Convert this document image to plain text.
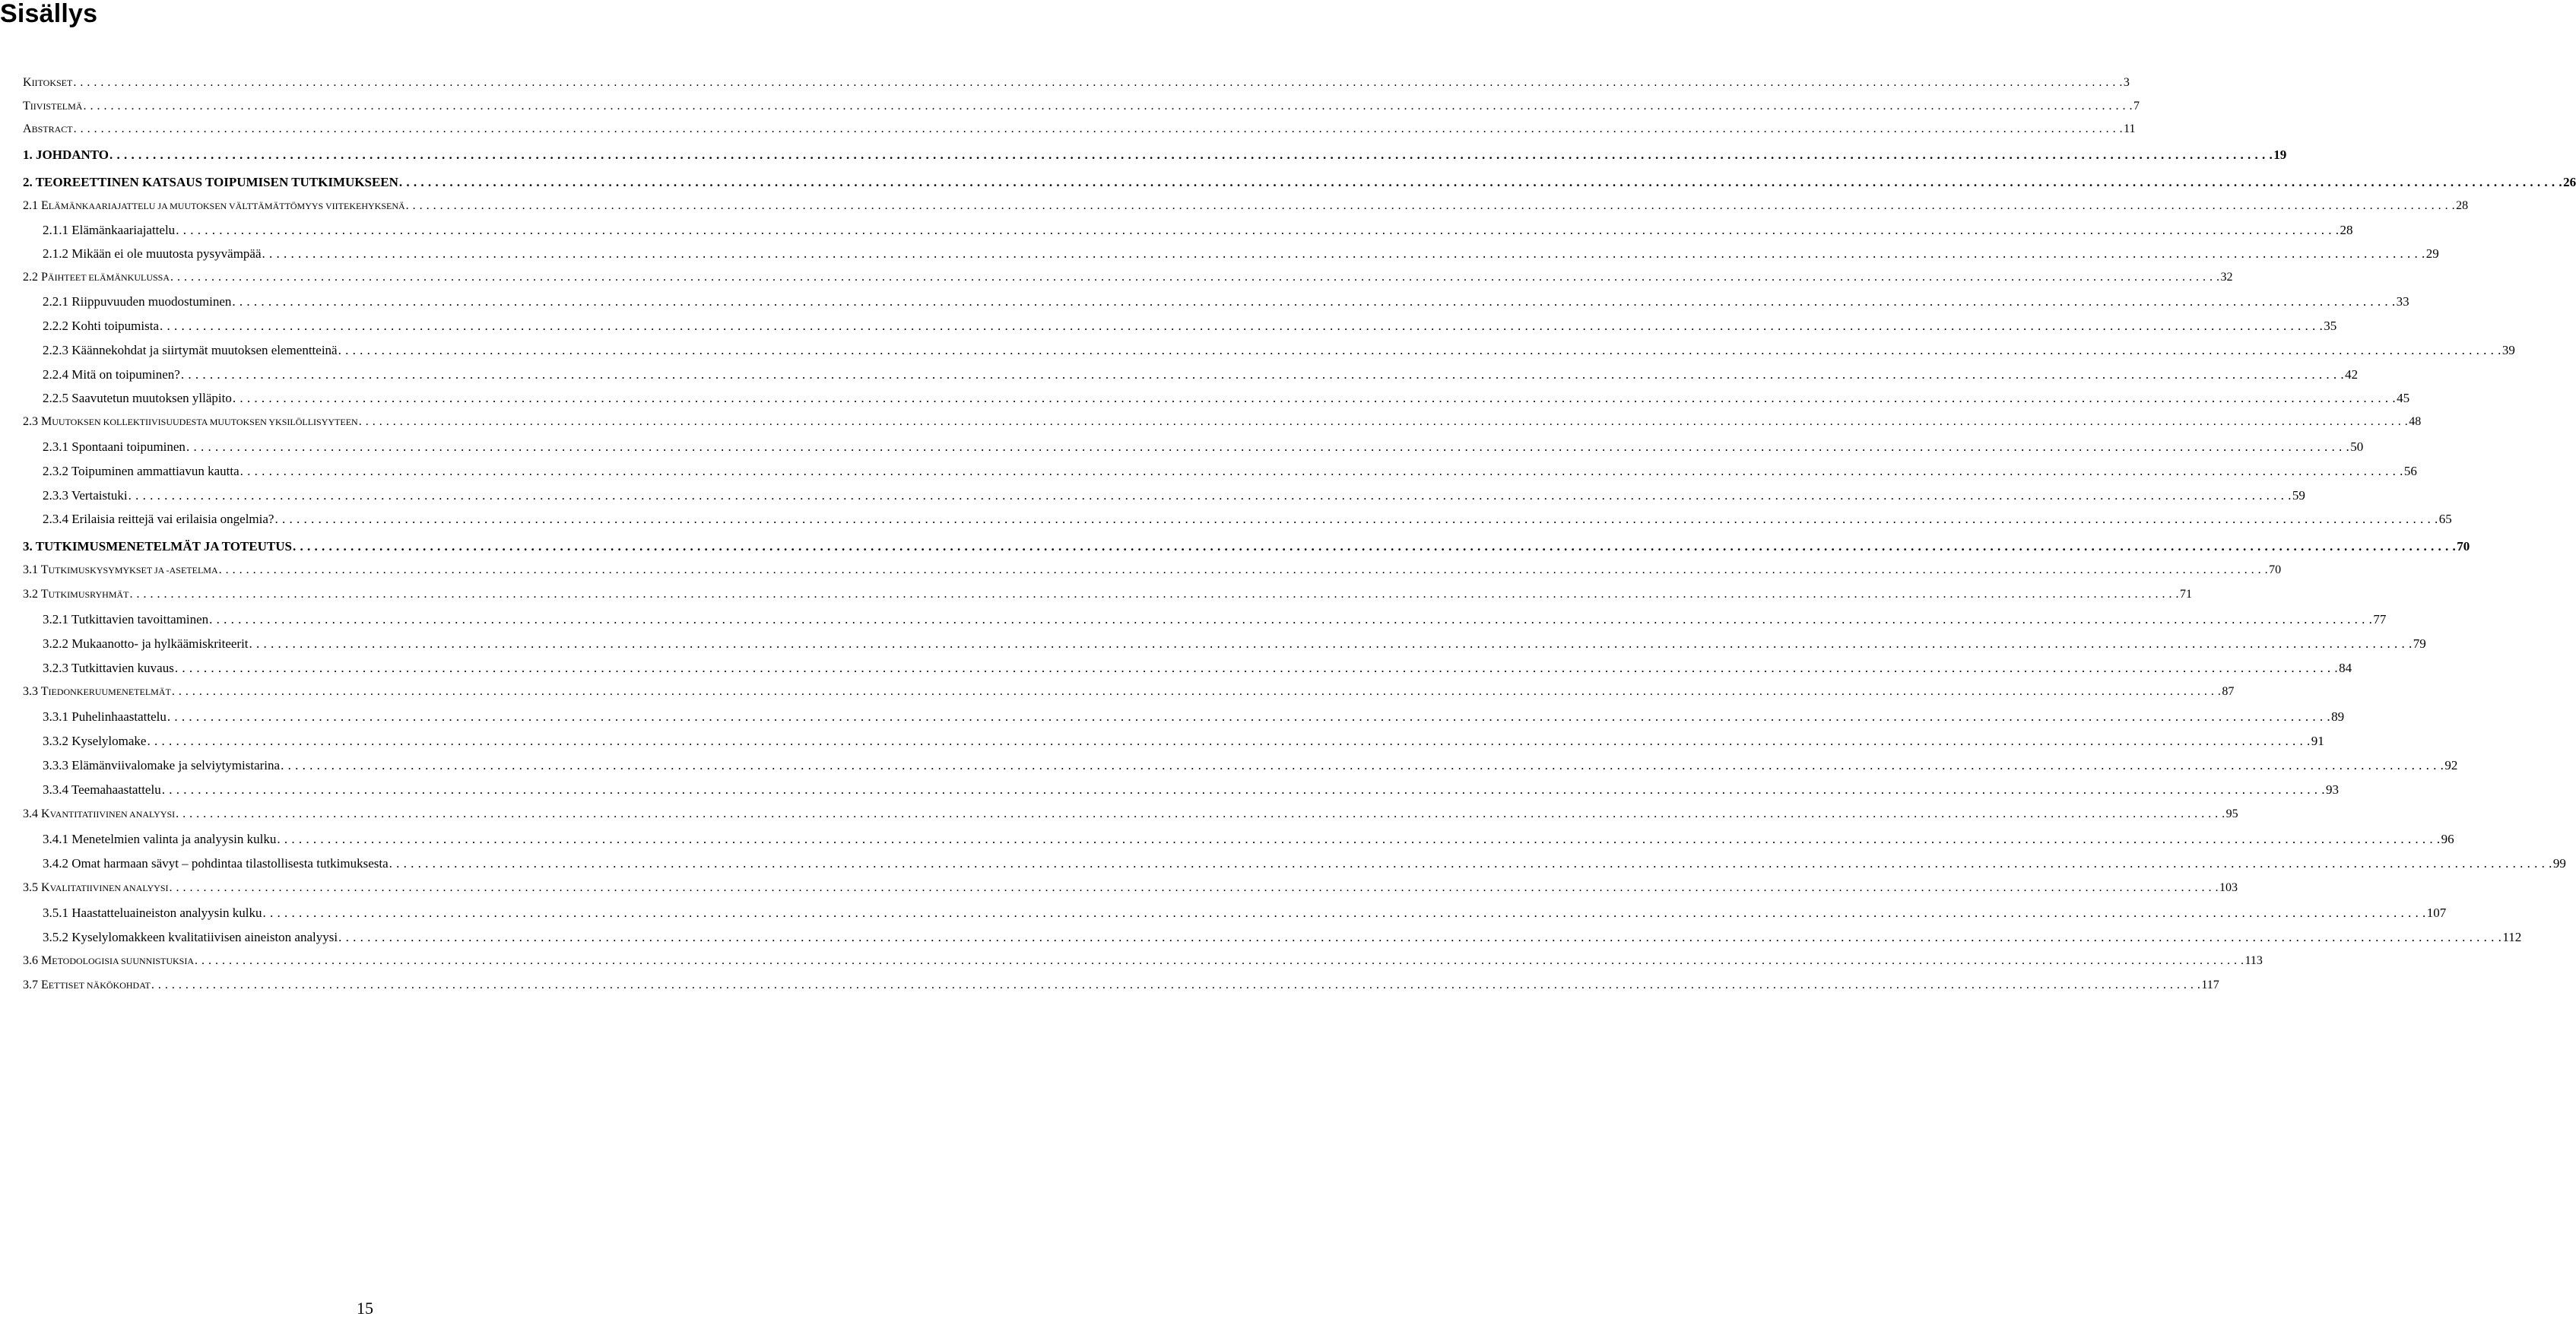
Sisällys
KIITOKSET . . . . . . . . . . . . . . . . . . . . . . . . . . . . . . . . . . . . . . . . . . . . . . . . . . . . . . . . . . . . . . . . . . . . . . . . . . . . . . . . . . . . . . . . . . . . . . . . . . . . . . . . . . . . . . . . . . . . . . . . . . . . . . . . . . . . . . . . . . . . . . . . . . . . . . . . . . . . . . . . . . . . . . . . . . . . . . . . . . . . . . . . . . . . . . . . . . . . . . . . . . . . . . . . . . . . . . . . . . . . . . . . . . . . . . . . . . . . . . . . . . . . . . . . . . . . . . . . . . . . . . . . . . . . . . . . . . . . . . . . . . . . . . . . . . . . . . . . . . . . 3
TIIVISTELMÄ . . . . . . . . . . . . . . . . . . . . . . . . . . . . . . . . . . . . . . . . . . . . . . . . . . . . . . . . . . . . . . . . . . . . . . . . . . . . . . . . . . . . . . . . . . . . . . . . . . . . . . . . . . . . . . . . . . . . . . . . . . . . . . . . . . . . . . . . . . . . . . . . . . . . . . . . . . . . . . . . . . . . . . . . . . . . . . . . . . . . . . . . . . . . . . . . . . . . . . . . . . . . . . . . . . . . . . . . . . . . . . . . . . . . . . . . . . . . . . . . . . . . . . . . . . . . . . . . . . . . . . . . . . . . . . . . . . . . . . . . . . . . . . . . . . . . . . . . . . . . 7
ABSTRACT . . . . . . . . . . . . . . . . . . . . . . . . . . . . . . . . . . . . . . . . . . . . . . . . . . . . . . . . . . . . . . . . . . . . . . . . . . . . . . . . . . . . . . . . . . . . . . . . . . . . . . . . . . . . . . . . . . . . . . . . . . . . . . . . . . . . . . . . . . . . . . . . . . . . . . . . . . . . . . . . . . . . . . . . . . . . . . . . . . . . . . . . . . . . . . . . . . . . . . . . . . . . . . . . . . . . . . . . . . . . . . . . . . . . . . . . . . . . . . . . . . . . . . . . . . . . . . . . . . . . . . . . . . . . . . . . . . . . . . . . . . . . . . . . . . . . . . . . . . . . 11
1. JOHDANTO . . . . . . . . . . . . . . . . . . . . . . . . . . . . . . . . . . . . . . . . . . . . . . . . . . . . . . . . . . . . . . . . . . . . . . . . . . . . . . . . . . . . . . . . . . . . . . . . . . . . . . . . . . . . . . . . . . . . . . . . . . . . . . . . . . . . . . . . . . . . . . . . . . . . . . . . . . . . . . . . . . . . . . . . . . . . . . . . . . . . . . . . . . . . . . . . . . . . . . . . . . . . . . . . . . . . . . . . . . . . . . . . . . . . . . . . . . . . . . . . . . . . . . . . . . . . . . . . . . . . . . . . . . . . . . . . . . . . . . . . . . . . . . . . . . . . . . . . . . . . 19
2. TEOREETTINEN KATSAUS TOIPUMISEN TUTKIMUKSEEN . . . . . . . . . . . . . . . . . . . . . . . . . . . . . . . . . . . . . . . . . . . . . . . . . . . . . . . . . . . . . . . . . . . . . . . . . . . . . . . . . . . . . . . . . . . . . . . . . . . . . . . . . . . . . . . . . . . . . . . . . . . . . . . . . . . . . . . . . . . . . . . . . . . . . . . . . . . . . . . . . . . . . . . . . . . . . . . . . . . . . . . . . . . . . . . . . . . . . . . . . . . . . . . . . . . . . . . . . . . . . . . . . . . . . . . . . . . . . . . . . . . . . . . . . . . . . . . . . . . . . . . . . . . . . . . . . . . . . . . . . . . . . . . . . . . . . . . . . . . . 26
2.1 ELÄMÄNKAARIAJATTELU JA MUUTOKSEN VÄLTTÄMÄTTÖMYYS VIITEKEHYKSENÄ . . . . . . . . . . . . . . . . . . . . . . . . . . . . . . . . . . . . . . . . . . . . . . . . . . . . . . . . . . . . . . . . . . . . . . . . . . . . . . . . . . . . . . . . . . . . . . . . . . . . . . . . . . . . . . . . . . . . . . . . . . . . . . . . . . . . . . . . . . . . . . . . . . . . . . . . . . . . . . . . . . . . . . . . . . . . . . . . . . . . . . . . . . . . . . . . . . . . . . . . . . . . . . . . . . . . . . . . . . . . . . . . . . . . . . . . . . . . . . . . . . . . . . . . . . . . . . . . . . . . . . . . . . . . . . . . . . . . . . . . . . . . . . . . . . . . . . . . . . . . 28
2.1.1 Elämänkaariajattelu . . . . . . . . . . . . . . . . . . . . . . . . . . . . . . . . . . . . . . . . . . . . . . . . . . . . . . . . . . . . . . . . . . . . . . . . . . . . . . . . . . . . . . . . . . . . . . . . . . . . . . . . . . . . . . . . . . . . . . . . . . . . . . . . . . . . . . . . . . . . . . . . . . . . . . . . . . . . . . . . . . . . . . . . . . . . . . . . . . . . . . . . . . . . . . . . . . . . . . . . . . . . . . . . . . . . . . . . . . . . . . . . . . . . . . . . . . . . . . . . . . . . . . . . . . . . . . . . . . . . . . . . . . . . . . . . . . . . . . . . . . . . . . . . . . . . . . . . . . . . 28
2.1.2 Mikään ei ole muutosta pysyvämpää . . . . . . . . . . . . . . . . . . . . . . . . . . . . . . . . . . . . . . . . . . . . . . . . . . . . . . . . . . . . . . . . . . . . . . . . . . . . . . . . . . . . . . . . . . . . . . . . . . . . . . . . . . . . . . . . . . . . . . . . . . . . . . . . . . . . . . . . . . . . . . . . . . . . . . . . . . . . . . . . . . . . . . . . . . . . . . . . . . . . . . . . . . . . . . . . . . . . . . . . . . . . . . . . . . . . . . . . . . . . . . . . . . . . . . . . . . . . . . . . . . . . . . . . . . . . . . . . . . . . . . . . . . . . . . . . . . . . . . . . . . . . . . . . . . . . . . . . . . . . 29
2.2 PÄIHTEET ELÄMÄNKULUSSA . . . . . . . . . . . . . . . . . . . . . . . . . . . . . . . . . . . . . . . . . . . . . . . . . . . . . . . . . . . . . . . . . . . . . . . . . . . . . . . . . . . . . . . . . . . . . . . . . . . . . . . . . . . . . . . . . . . . . . . . . . . . . . . . . . . . . . . . . . . . . . . . . . . . . . . . . . . . . . . . . . . . . . . . . . . . . . . . . . . . . . . . . . . . . . . . . . . . . . . . . . . . . . . . . . . . . . . . . . . . . . . . . . . . . . . . . . . . . . . . . . . . . . . . . . . . . . . . . . . . . . . . . . . . . . . . . . . . . . . . . . . . . . . . . . . . . . . . . . . . 32
2.2.1 Riippuvuuden muodostuminen . . . . . . . . . . . . . . . . . . . . . . . . . . . . . . . . . . . . . . . . . . . . . . . . . . . . . . . . . . . . . . . . . . . . . . . . . . . . . . . . . . . . . . . . . . . . . . . . . . . . . . . . . . . . . . . . . . . . . . . . . . . . . . . . . . . . . . . . . . . . . . . . . . . . . . . . . . . . . . . . . . . . . . . . . . . . . . . . . . . . . . . . . . . . . . . . . . . . . . . . . . . . . . . . . . . . . . . . . . . . . . . . . . . . . . . . . . . . . . . . . . . . . . . . . . . . . . . . . . . . . . . . . . . . . . . . . . . . . . . . . . . . . . . . . . . . . . . . . . . . 33
2.2.2 Kohti toipumista . . . . . . . . . . . . . . . . . . . . . . . . . . . . . . . . . . . . . . . . . . . . . . . . . . . . . . . . . . . . . . . . . . . . . . . . . . . . . . . . . . . . . . . . . . . . . . . . . . . . . . . . . . . . . . . . . . . . . . . . . . . . . . . . . . . . . . . . . . . . . . . . . . . . . . . . . . . . . . . . . . . . . . . . . . . . . . . . . . . . . . . . . . . . . . . . . . . . . . . . . . . . . . . . . . . . . . . . . . . . . . . . . . . . . . . . . . . . . . . . . . . . . . . . . . . . . . . . . . . . . . . . . . . . . . . . . . . . . . . . . . . . . . . . . . . . . . . . . . . . 35
2.2.3 Käännekohdat ja siirtymät muutoksen elementteinä . . . . . . . . . . . . . . . . . . . . . . . . . . . . . . . . . . . . . . . . . . . . . . . . . . . . . . . . . . . . . . . . . . . . . . . . . . . . . . . . . . . . . . . . . . . . . . . . . . . . . . . . . . . . . . . . . . . . . . . . . . . . . . . . . . . . . . . . . . . . . . . . . . . . . . . . . . . . . . . . . . . . . . . . . . . . . . . . . . . . . . . . . . . . . . . . . . . . . . . . . . . . . . . . . . . . . . . . . . . . . . . . . . . . . . . . . . . . . . . . . . . . . . . . . . . . . . . . . . . . . . . . . . . . . . . . . . . . . . . . . . . . . . . . . . . . . . . . . . . . 39
2.2.4 Mitä on toipuminen? . . . . . . . . . . . . . . . . . . . . . . . . . . . . . . . . . . . . . . . . . . . . . . . . . . . . . . . . . . . . . . . . . . . . . . . . . . . . . . . . . . . . . . . . . . . . . . . . . . . . . . . . . . . . . . . . . . . . . . . . . . . . . . . . . . . . . . . . . . . . . . . . . . . . . . . . . . . . . . . . . . . . . . . . . . . . . . . . . . . . . . . . . . . . . . . . . . . . . . . . . . . . . . . . . . . . . . . . . . . . . . . . . . . . . . . . . . . . . . . . . . . . . . . . . . . . . . . . . . . . . . . . . . . . . . . . . . . . . . . . . . . . . . . . . . . . . . . . . . . . 42
2.2.5 Saavutetun muutoksen ylläpito . . . . . . . . . . . . . . . . . . . . . . . . . . . . . . . . . . . . . . . . . . . . . . . . . . . . . . . . . . . . . . . . . . . . . . . . . . . . . . . . . . . . . . . . . . . . . . . . . . . . . . . . . . . . . . . . . . . . . . . . . . . . . . . . . . . . . . . . . . . . . . . . . . . . . . . . . . . . . . . . . . . . . . . . . . . . . . . . . . . . . . . . . . . . . . . . . . . . . . . . . . . . . . . . . . . . . . . . . . . . . . . . . . . . . . . . . . . . . . . . . . . . . . . . . . . . . . . . . . . . . . . . . . . . . . . . . . . . . . . . . . . . . . . . . . . . . . . . . . . . 45
2.3 MUUTOKSEN KOLLEKTIIVISUUDESTA MUUTOKSEN YKSILÖLLISYYTEEN . . . . . . . . . . . . . . . . . . . . . . . . . . . . . . . . . . . . . . . . . . . . . . . . . . . . . . . . . . . . . . . . . . . . . . . . . . . . . . . . . . . . . . . . . . . . . . . . . . . . . . . . . . . . . . . . . . . . . . . . . . . . . . . . . . . . . . . . . . . . . . . . . . . . . . . . . . . . . . . . . . . . . . . . . . . . . . . . . . . . . . . . . . . . . . . . . . . . . . . . . . . . . . . . . . . . . . . . . . . . . . . . . . . . . . . . . . . . . . . . . . . . . . . . . . . . . . . . . . . . . . . . . . . . . . . . . . . . . . . . . . . . . . . . . . . . . . . . . . . . 48
2.3.1 Spontaani toipuminen . . . . . . . . . . . . . . . . . . . . . . . . . . . . . . . . . . . . . . . . . . . . . . . . . . . . . . . . . . . . . . . . . . . . . . . . . . . . . . . . . . . . . . . . . . . . . . . . . . . . . . . . . . . . . . . . . . . . . . . . . . . . . . . . . . . . . . . . . . . . . . . . . . . . . . . . . . . . . . . . . . . . . . . . . . . . . . . . . . . . . . . . . . . . . . . . . . . . . . . . . . . . . . . . . . . . . . . . . . . . . . . . . . . . . . . . . . . . . . . . . . . . . . . . . . . . . . . . . . . . . . . . . . . . . . . . . . . . . . . . . . . . . . . . . . . . . . . . . . . . 50
2.3.2 Toipuminen ammattiavun kautta . . . . . . . . . . . . . . . . . . . . . . . . . . . . . . . . . . . . . . . . . . . . . . . . . . . . . . . . . . . . . . . . . . . . . . . . . . . . . . . . . . . . . . . . . . . . . . . . . . . . . . . . . . . . . . . . . . . . . . . . . . . . . . . . . . . . . . . . . . . . . . . . . . . . . . . . . . . . . . . . . . . . . . . . . . . . . . . . . . . . . . . . . . . . . . . . . . . . . . . . . . . . . . . . . . . . . . . . . . . . . . . . . . . . . . . . . . . . . . . . . . . . . . . . . . . . . . . . . . . . . . . . . . . . . . . . . . . . . . . . . . . . . . . . . . . . . . . . . . . . 56
2.3.3 Vertaistuki . . . . . . . . . . . . . . . . . . . . . . . . . . . . . . . . . . . . . . . . . . . . . . . . . . . . . . . . . . . . . . . . . . . . . . . . . . . . . . . . . . . . . . . . . . . . . . . . . . . . . . . . . . . . . . . . . . . . . . . . . . . . . . . . . . . . . . . . . . . . . . . . . . . . . . . . . . . . . . . . . . . . . . . . . . . . . . . . . . . . . . . . . . . . . . . . . . . . . . . . . . . . . . . . . . . . . . . . . . . . . . . . . . . . . . . . . . . . . . . . . . . . . . . . . . . . . . . . . . . . . . . . . . . . . . . . . . . . . . . . . . . . . . . . . . . . . . . . . . . . 59
2.3.4 Erilaisia reittejä vai erilaisia ongelmia? . . . . . . . . . . . . . . . . . . . . . . . . . . . . . . . . . . . . . . . . . . . . . . . . . . . . . . . . . . . . . . . . . . . . . . . . . . . . . . . . . . . . . . . . . . . . . . . . . . . . . . . . . . . . . . . . . . . . . . . . . . . . . . . . . . . . . . . . . . . . . . . . . . . . . . . . . . . . . . . . . . . . . . . . . . . . . . . . . . . . . . . . . . . . . . . . . . . . . . . . . . . . . . . . . . . . . . . . . . . . . . . . . . . . . . . . . . . . . . . . . . . . . . . . . . . . . . . . . . . . . . . . . . . . . . . . . . . . . . . . . . . . . . . . . . . . . . . . . . . . 65
3. TUTKIMUSMENETELMÄT JA TOTEUTUS . . . . . . . . . . . . . . . . . . . . . . . . . . . . . . . . . . . . . . . . . . . . . . . . . . . . . . . . . . . . . . . . . . . . . . . . . . . . . . . . . . . . . . . . . . . . . . . . . . . . . . . . . . . . . . . . . . . . . . . . . . . . . . . . . . . . . . . . . . . . . . . . . . . . . . . . . . . . . . . . . . . . . . . . . . . . . . . . . . . . . . . . . . . . . . . . . . . . . . . . . . . . . . . . . . . . . . . . . . . . . . . . . . . . . . . . . . . . . . . . . . . . . . . . . . . . . . . . . . . . . . . . . . . . . . . . . . . . . . . . . . . . . . . . . . . . . . . . . . . . 70
3.1 TUTKIMUSKYSYMYKSET JA -ASETELMA . . . . . . . . . . . . . . . . . . . . . . . . . . . . . . . . . . . . . . . . . . . . . . . . . . . . . . . . . . . . . . . . . . . . . . . . . . . . . . . . . . . . . . . . . . . . . . . . . . . . . . . . . . . . . . . . . . . . . . . . . . . . . . . . . . . . . . . . . . . . . . . . . . . . . . . . . . . . . . . . . . . . . . . . . . . . . . . . . . . . . . . . . . . . . . . . . . . . . . . . . . . . . . . . . . . . . . . . . . . . . . . . . . . . . . . . . . . . . . . . . . . . . . . . . . . . . . . . . . . . . . . . . . . . . . . . . . . . . . . . . . . . . . . . . . . . . . . . . . . . 70
3.2 TUTKIMUSRYHMÄT . . . . . . . . . . . . . . . . . . . . . . . . . . . . . . . . . . . . . . . . . . . . . . . . . . . . . . . . . . . . . . . . . . . . . . . . . . . . . . . . . . . . . . . . . . . . . . . . . . . . . . . . . . . . . . . . . . . . . . . . . . . . . . . . . . . . . . . . . . . . . . . . . . . . . . . . . . . . . . . . . . . . . . . . . . . . . . . . . . . . . . . . . . . . . . . . . . . . . . . . . . . . . . . . . . . . . . . . . . . . . . . . . . . . . . . . . . . . . . . . . . . . . . . . . . . . . . . . . . . . . . . . . . . . . . . . . . . . . . . . . . . . . . . . . . . . . . . . . . . . 71
3.2.1 Tutkittavien tavoittaminen . . . . . . . . . . . . . . . . . . . . . . . . . . . . . . . . . . . . . . . . . . . . . . . . . . . . . . . . . . . . . . . . . . . . . . . . . . . . . . . . . . . . . . . . . . . . . . . . . . . . . . . . . . . . . . . . . . . . . . . . . . . . . . . . . . . . . . . . . . . . . . . . . . . . . . . . . . . . . . . . . . . . . . . . . . . . . . . . . . . . . . . . . . . . . . . . . . . . . . . . . . . . . . . . . . . . . . . . . . . . . . . . . . . . . . . . . . . . . . . . . . . . . . . . . . . . . . . . . . . . . . . . . . . . . . . . . . . . . . . . . . . . . . . . . . . . . . . . . . . . 77
3.2.2 Mukaanotto- ja hylkäämiskriteerit . . . . . . . . . . . . . . . . . . . . . . . . . . . . . . . . . . . . . . . . . . . . . . . . . . . . . . . . . . . . . . . . . . . . . . . . . . . . . . . . . . . . . . . . . . . . . . . . . . . . . . . . . . . . . . . . . . . . . . . . . . . . . . . . . . . . . . . . . . . . . . . . . . . . . . . . . . . . . . . . . . . . . . . . . . . . . . . . . . . . . . . . . . . . . . . . . . . . . . . . . . . . . . . . . . . . . . . . . . . . . . . . . . . . . . . . . . . . . . . . . . . . . . . . . . . . . . . . . . . . . . . . . . . . . . . . . . . . . . . . . . . . . . . . . . . . . . . . . . . . 79
3.2.3 Tutkittavien kuvaus . . . . . . . . . . . . . . . . . . . . . . . . . . . . . . . . . . . . . . . . . . . . . . . . . . . . . . . . . . . . . . . . . . . . . . . . . . . . . . . . . . . . . . . . . . . . . . . . . . . . . . . . . . . . . . . . . . . . . . . . . . . . . . . . . . . . . . . . . . . . . . . . . . . . . . . . . . . . . . . . . . . . . . . . . . . . . . . . . . . . . . . . . . . . . . . . . . . . . . . . . . . . . . . . . . . . . . . . . . . . . . . . . . . . . . . . . . . . . . . . . . . . . . . . . . . . . . . . . . . . . . . . . . . . . . . . . . . . . . . . . . . . . . . . . . . . . . . . . . . . 84
3.3 TIEDONKERUUMENETELMÄT . . . . . . . . . . . . . . . . . . . . . . . . . . . . . . . . . . . . . . . . . . . . . . . . . . . . . . . . . . . . . . . . . . . . . . . . . . . . . . . . . . . . . . . . . . . . . . . . . . . . . . . . . . . . . . . . . . . . . . . . . . . . . . . . . . . . . . . . . . . . . . . . . . . . . . . . . . . . . . . . . . . . . . . . . . . . . . . . . . . . . . . . . . . . . . . . . . . . . . . . . . . . . . . . . . . . . . . . . . . . . . . . . . . . . . . . . . . . . . . . . . . . . . . . . . . . . . . . . . . . . . . . . . . . . . . . . . . . . . . . . . . . . . . . . . . . . . . . . . . . 87
3.3.1 Puhelinhaastattelu . . . . . . . . . . . . . . . . . . . . . . . . . . . . . . . . . . . . . . . . . . . . . . . . . . . . . . . . . . . . . . . . . . . . . . . . . . . . . . . . . . . . . . . . . . . . . . . . . . . . . . . . . . . . . . . . . . . . . . . . . . . . . . . . . . . . . . . . . . . . . . . . . . . . . . . . . . . . . . . . . . . . . . . . . . . . . . . . . . . . . . . . . . . . . . . . . . . . . . . . . . . . . . . . . . . . . . . . . . . . . . . . . . . . . . . . . . . . . . . . . . . . . . . . . . . . . . . . . . . . . . . . . . . . . . . . . . . . . . . . . . . . . . . . . . . . . . . . . . . . 89
3.3.2 Kyselylomake . . . . . . . . . . . . . . . . . . . . . . . . . . . . . . . . . . . . . . . . . . . . . . . . . . . . . . . . . . . . . . . . . . . . . . . . . . . . . . . . . . . . . . . . . . . . . . . . . . . . . . . . . . . . . . . . . . . . . . . . . . . . . . . . . . . . . . . . . . . . . . . . . . . . . . . . . . . . . . . . . . . . . . . . . . . . . . . . . . . . . . . . . . . . . . . . . . . . . . . . . . . . . . . . . . . . . . . . . . . . . . . . . . . . . . . . . . . . . . . . . . . . . . . . . . . . . . . . . . . . . . . . . . . . . . . . . . . . . . . . . . . . . . . . . . . . . . . . . . . . 91
3.3.3 Elämänviivalomake ja selviytymistarina . . . . . . . . . . . . . . . . . . . . . . . . . . . . . . . . . . . . . . . . . . . . . . . . . . . . . . . . . . . . . . . . . . . . . . . . . . . . . . . . . . . . . . . . . . . . . . . . . . . . . . . . . . . . . . . . . . . . . . . . . . . . . . . . . . . . . . . . . . . . . . . . . . . . . . . . . . . . . . . . . . . . . . . . . . . . . . . . . . . . . . . . . . . . . . . . . . . . . . . . . . . . . . . . . . . . . . . . . . . . . . . . . . . . . . . . . . . . . . . . . . . . . . . . . . . . . . . . . . . . . . . . . . . . . . . . . . . . . . . . . . . . . . . . . . . . . . . . . . . . 92
3.3.4 Teemahaastattelu . . . . . . . . . . . . . . . . . . . . . . . . . . . . . . . . . . . . . . . . . . . . . . . . . . . . . . . . . . . . . . . . . . . . . . . . . . . . . . . . . . . . . . . . . . . . . . . . . . . . . . . . . . . . . . . . . . . . . . . . . . . . . . . . . . . . . . . . . . . . . . . . . . . . . . . . . . . . . . . . . . . . . . . . . . . . . . . . . . . . . . . . . . . . . . . . . . . . . . . . . . . . . . . . . . . . . . . . . . . . . . . . . . . . . . . . . . . . . . . . . . . . . . . . . . . . . . . . . . . . . . . . . . . . . . . . . . . . . . . . . . . . . . . . . . . . . . . . . . . . 93
3.4 KVANTITATIIVINEN ANALYYSI . . . . . . . . . . . . . . . . . . . . . . . . . . . . . . . . . . . . . . . . . . . . . . . . . . . . . . . . . . . . . . . . . . . . . . . . . . . . . . . . . . . . . . . . . . . . . . . . . . . . . . . . . . . . . . . . . . . . . . . . . . . . . . . . . . . . . . . . . . . . . . . . . . . . . . . . . . . . . . . . . . . . . . . . . . . . . . . . . . . . . . . . . . . . . . . . . . . . . . . . . . . . . . . . . . . . . . . . . . . . . . . . . . . . . . . . . . . . . . . . . . . . . . . . . . . . . . . . . . . . . . . . . . . . . . . . . . . . . . . . . . . . . . . . . . . . . . . . . . . . 95
3.4.1 Menetelmien valinta ja analyysin kulku . . . . . . . . . . . . . . . . . . . . . . . . . . . . . . . . . . . . . . . . . . . . . . . . . . . . . . . . . . . . . . . . . . . . . . . . . . . . . . . . . . . . . . . . . . . . . . . . . . . . . . . . . . . . . . . . . . . . . . . . . . . . . . . . . . . . . . . . . . . . . . . . . . . . . . . . . . . . . . . . . . . . . . . . . . . . . . . . . . . . . . . . . . . . . . . . . . . . . . . . . . . . . . . . . . . . . . . . . . . . . . . . . . . . . . . . . . . . . . . . . . . . . . . . . . . . . . . . . . . . . . . . . . . . . . . . . . . . . . . . . . . . . . . . . . . . . . . . . . . . 96
3.4.2 Omat harmaan sävyt – pohdintaa tilastollisesta tutkimuksesta . . . . . . . . . . . . . . . . . . . . . . . . . . . . . . . . . . . . . . . . . . . . . . . . . . . . . . . . . . . . . . . . . . . . . . . . . . . . . . . . . . . . . . . . . . . . . . . . . . . . . . . . . . . . . . . . . . . . . . . . . . . . . . . . . . . . . . . . . . . . . . . . . . . . . . . . . . . . . . . . . . . . . . . . . . . . . . . . . . . . . . . . . . . . . . . . . . . . . . . . . . . . . . . . . . . . . . . . . . . . . . . . . . . . . . . . . . . . . . . . . . . . . . . . . . . . . . . . . . . . . . . . . . . . . . . . . . . . . . . . . . . . . . . . . . . . . . . . . . . . 99
3.5 KVALITATIIVINEN ANALYYSI . . . . . . . . . . . . . . . . . . . . . . . . . . . . . . . . . . . . . . . . . . . . . . . . . . . . . . . . . . . . . . . . . . . . . . . . . . . . . . . . . . . . . . . . . . . . . . . . . . . . . . . . . . . . . . . . . . . . . . . . . . . . . . . . . . . . . . . . . . . . . . . . . . . . . . . . . . . . . . . . . . . . . . . . . . . . . . . . . . . . . . . . . . . . . . . . . . . . . . . . . . . . . . . . . . . . . . . . . . . . . . . . . . . . . . . . . . . . . . . . . . . . . . . . . . . . . . . . . . . . . . . . . . . . . . . . . . . . . . . . . . . . . . . . . . . . . . . . . . . . 103
3.5.1 Haastatteluaineiston analyysin kulku . . . . . . . . . . . . . . . . . . . . . . . . . . . . . . . . . . . . . . . . . . . . . . . . . . . . . . . . . . . . . . . . . . . . . . . . . . . . . . . . . . . . . . . . . . . . . . . . . . . . . . . . . . . . . . . . . . . . . . . . . . . . . . . . . . . . . . . . . . . . . . . . . . . . . . . . . . . . . . . . . . . . . . . . . . . . . . . . . . . . . . . . . . . . . . . . . . . . . . . . . . . . . . . . . . . . . . . . . . . . . . . . . . . . . . . . . . . . . . . . . . . . . . . . . . . . . . . . . . . . . . . . . . . . . . . . . . . . . . . . . . . . . . . . . . . . . . . . . . . . 107
3.5.2 Kyselylomakkeen kvalitatiivisen aineiston analyysi . . . . . . . . . . . . . . . . . . . . . . . . . . . . . . . . . . . . . . . . . . . . . . . . . . . . . . . . . . . . . . . . . . . . . . . . . . . . . . . . . . . . . . . . . . . . . . . . . . . . . . . . . . . . . . . . . . . . . . . . . . . . . . . . . . . . . . . . . . . . . . . . . . . . . . . . . . . . . . . . . . . . . . . . . . . . . . . . . . . . . . . . . . . . . . . . . . . . . . . . . . . . . . . . . . . . . . . . . . . . . . . . . . . . . . . . . . . . . . . . . . . . . . . . . . . . . . . . . . . . . . . . . . . . . . . . . . . . . . . . . . . . . . . . . . . . . . . . . . . . 112
3.6 METODOLOGISIA SUUNNISTUKSIA . . . . . . . . . . . . . . . . . . . . . . . . . . . . . . . . . . . . . . . . . . . . . . . . . . . . . . . . . . . . . . . . . . . . . . . . . . . . . . . . . . . . . . . . . . . . . . . . . . . . . . . . . . . . . . . . . . . . . . . . . . . . . . . . . . . . . . . . . . . . . . . . . . . . . . . . . . . . . . . . . . . . . . . . . . . . . . . . . . . . . . . . . . . . . . . . . . . . . . . . . . . . . . . . . . . . . . . . . . . . . . . . . . . . . . . . . . . . . . . . . . . . . . . . . . . . . . . . . . . . . . . . . . . . . . . . . . . . . . . . . . . . . . . . . . . . . . . . . . . . 113
3.7 EETTISET NÄKÖKOHDAT . . . . . . . . . . . . . . . . . . . . . . . . . . . . . . . . . . . . . . . . . . . . . . . . . . . . . . . . . . . . . . . . . . . . . . . . . . . . . . . . . . . . . . . . . . . . . . . . . . . . . . . . . . . . . . . . . . . . . . . . . . . . . . . . . . . . . . . . . . . . . . . . . . . . . . . . . . . . . . . . . . . . . . . . . . . . . . . . . . . . . . . . . . . . . . . . . . . . . . . . . . . . . . . . . . . . . . . . . . . . . . . . . . . . . . . . . . . . . . . . . . . . . . . . . . . . . . . . . . . . . . . . . . . . . . . . . . . . . . . . . . . . . . . . . . . . . . . . . . . . 117
15
